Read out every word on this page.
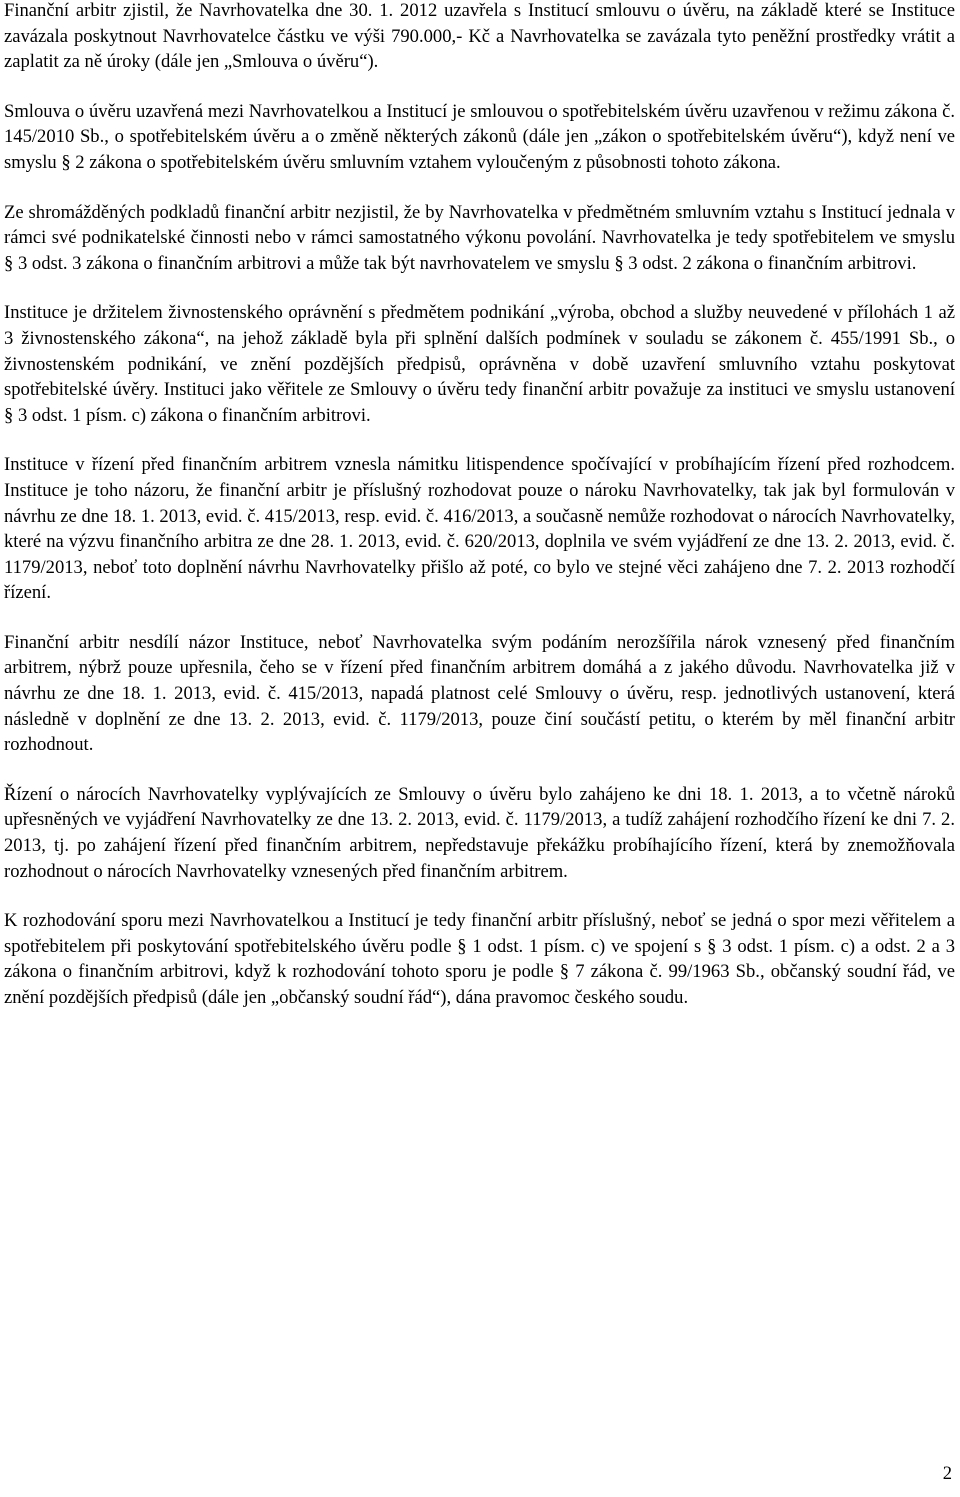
Finanční arbitr zjistil, že Navrhovatelka dne 30. 1. 2012 uzavřela s Institucí smlouvu o úvěru, na základě které se Instituce zavázala poskytnout Navrhovatelce částku ve výši 790.000,- Kč a Navrhovatelka se zavázala tyto peněžní prostředky vrátit a zaplatit za ně úroky (dále jen „Smlouva o úvěru“).

Smlouva o úvěru uzavřená mezi Navrhovatelkou a Institucí je smlouvou o spotřebitelském úvěru uzavřenou v režimu zákona č. 145/2010 Sb., o spotřebitelském úvěru a o změně některých zákonů (dále jen „zákon o spotřebitelském úvěru“), když není ve smyslu § 2 zákona o spotřebitelském úvěru smluvním vztahem vyloučeným z působnosti tohoto zákona.

Ze shromážděných podkladů finanční arbitr nezjistil, že by Navrhovatelka v předmětném smluvním vztahu s Institucí jednala v rámci své podnikatelské činnosti nebo v rámci samostatného výkonu povolání. Navrhovatelka je tedy spotřebitelem ve smyslu § 3 odst. 3 zákona o finančním arbitrovi a může tak být navrhovatelem ve smyslu § 3 odst. 2 zákona o finančním arbitrovi.

Instituce je držitelem živnostenského oprávnění s předmětem podnikání „výroba, obchod a služby neuvedené v přílohách 1 až 3 živnostenského zákona“, na jehož základě byla při splnění dalších podmínek v souladu se zákonem č. 455/1991 Sb., o živnostenském podnikání, ve znění pozdějších předpisů, oprávněna v době uzavření smluvního vztahu poskytovat spotřebitelské úvěry. Instituci jako věřitele ze Smlouvy o úvěru tedy finanční arbitr považuje za instituci ve smyslu ustanovení § 3 odst. 1 písm. c) zákona o finančním arbitrovi.

Instituce v řízení před finančním arbitrem vznesla námitku litispendence spočívající v probíhajícím řízení před rozhodcem. Instituce je toho názoru, že finanční arbitr je příslušný rozhodovat pouze o nároku Navrhovatelky, tak jak byl formulován v návrhu ze dne 18. 1. 2013, evid. č. 415/2013, resp. evid. č. 416/2013, a současně nemůže rozhodovat o nárocích Navrhovatelky, které na výzvu finančního arbitra ze dne 28. 1. 2013, evid. č. 620/2013, doplnila ve svém vyjádření ze dne 13. 2. 2013, evid. č. 1179/2013, neboť toto doplnění návrhu Navrhovatelky přišlo až poté, co bylo ve stejné věci zahájeno dne 7. 2. 2013 rozhodčí řízení.

Finanční arbitr nesdílí názor Instituce, neboť Navrhovatelka svým podáním nerozšířila nárok vznesený před finančním arbitrem, nýbrž pouze upřesnila, čeho se v řízení před finančním arbitrem domáhá a z jakého důvodu. Navrhovatelka již v návrhu ze dne 18. 1. 2013, evid. č. 415/2013, napadá platnost celé Smlouvy o úvěru, resp. jednotlivých ustanovení, která následně v doplnění ze dne 13. 2. 2013, evid. č. 1179/2013, pouze činí součástí petitu, o kterém by měl finanční arbitr rozhodnout.

Řízení o nárocích Navrhovatelky vyplývajících ze Smlouvy o úvěru bylo zahájeno ke dni 18. 1. 2013, a to včetně nároků upřesněných ve vyjádření Navrhovatelky ze dne 13. 2. 2013, evid. č. 1179/2013, a tudíž zahájení rozhodčího řízení ke dni 7. 2. 2013, tj. po zahájení řízení před finančním arbitrem, nepředstavuje překážku probíhajícího řízení, která by znemožňovala rozhodnout o nárocích Navrhovatelky vznesených před finančním arbitrem.

K rozhodování sporu mezi Navrhovatelkou a Institucí je tedy finanční arbitr příslušný, neboť se jedná o spor mezi věřitelem a spotřebitelem při poskytování spotřebitelského úvěru podle § 1 odst. 1 písm. c) ve spojení s § 3 odst. 1 písm. c) a odst. 2 a 3 zákona o finančním arbitrovi, když k rozhodování tohoto sporu je podle § 7 zákona č. 99/1963 Sb., občanský soudní řád, ve znění pozdějších předpisů (dále jen „občanský soudní řád“), dána pravomoc českého soudu.

2
